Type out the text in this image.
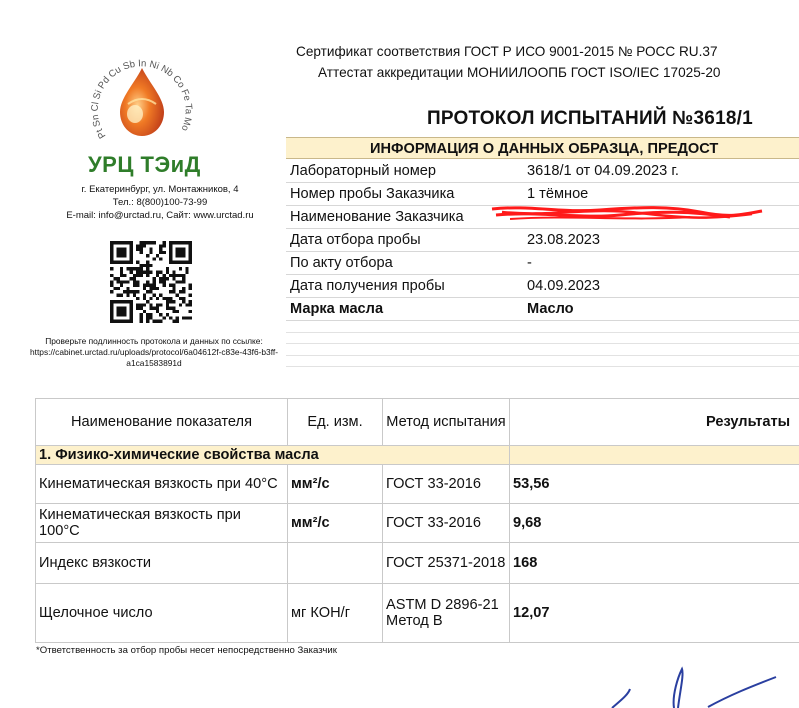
Pt Sn Cl Si Pd Cu Sb In Ni Nb Co Fe Ta Mo
УРЦ ТЭиД
г. Екатеринбург, ул. Монтажников, 4
Тел.: 8(800)100-73-99
E-mail: info@urctad.ru, Сайт: www.urctad.ru
Проверьте подлинность протокола и данных по ссылке:
https://cabinet.urctad.ru/uploads/protocol/6a04612f-c83e-43f6-b3ff-a1ca1583891d
Сертификат соответствия ГОСТ Р ИСО 9001-2015 № РОСС RU.37
Аттестат аккредитации МОНИИЛООПБ ГОСТ ISO/IEC 17025-20
ПРОТОКОЛ ИСПЫТАНИЙ №3618/1
ИНФОРМАЦИЯ О ДАННЫХ ОБРАЗЦА, ПРЕДОСТ
Лабораторный номер	3618/1 от 04.09.2023 г.
Номер пробы Заказчика	1 тёмное
Наименование Заказчика
Дата отбора пробы	23.08.2023
По акту отбора	-
Дата получения пробы	04.09.2023
Марка масла	Масло
Наименование показателя	Ед. изм.	Метод испытания	Результаты
1. Физико-химические свойства масла			
Кинематическая вязкость при 40°С	мм²/с	ГОСТ 33-2016	53,56
Кинематическая вязкость при 100°С	мм²/с	ГОСТ 33-2016	9,68
Индекс вязкости		ГОСТ 25371-2018	168
Щелочное число	мг КОН/г	ASTM D 2896-21 Метод В	12,07
*Ответственность за отбор пробы несет непосредственно Заказчик
